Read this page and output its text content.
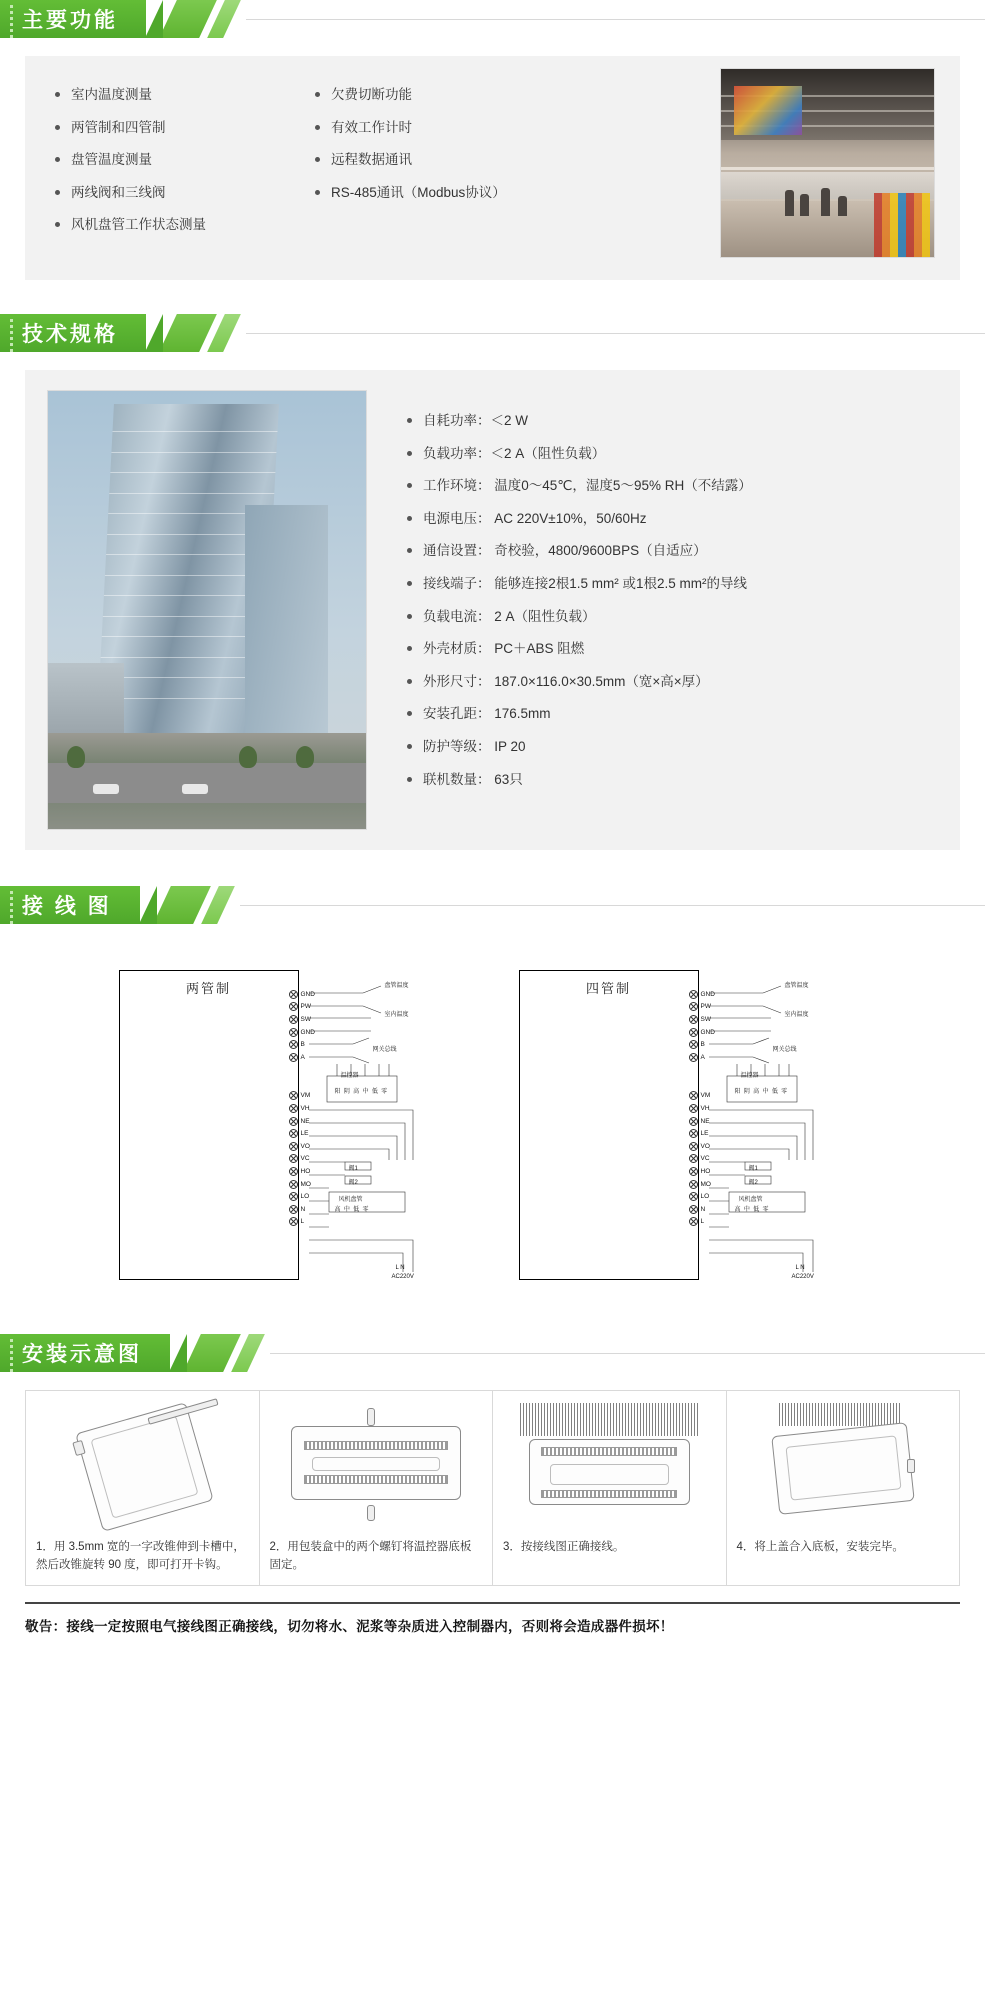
主要功能
室内温度测量
两管制和四管制
盘管温度测量
两线阀和三线阀
风机盘管工作状态测量
欠费切断功能
有效工作计时
远程数据通讯
RS-485通讯（Modbus协议）
技术规格
自耗功率：＜2 W
负载功率：＜2 A（阻性负载）
工作环境： 温度0～45℃，湿度5～95% RH（不结露）
电源电压： AC 220V±10%，50/60Hz
通信设置： 奇校验，4800/9600BPS（自适应）
接线端子： 能够连接2根1.5 mm² 或1根2.5 mm²的导线
负载电流： 2 A（阻性负载）
外壳材质： PC＋ABS 阻燃
外形尺寸： 187.0×116.0×30.5mm（宽×高×厚）
安装孔距： 176.5mm
防护等级： IP 20
联机数量： 63只
接 线 图
两管制	GND
PW
SW
GND
B
A
VM
VH
NE
LE
VO
VC
HO
MO
LO
N
L
盘管温度
室内温度
网关总线
温控器
阳  阴  高  中  低  零
阀1
阀2
风机盘管
高  中  低  零
L N
AC220V
四管制	GND
PW
SW
GND
B
A
VM
VH
NE
LE
VO
VC
HO
MO
LO
N
L
盘管温度
室内温度
网关总线
温控器
阳  阴  高  中  低  零
阀1
阀2
风机盘管
高  中  低  零
L N
AC220V
安装示意图
1．用 3.5mm 宽的一字改锥伸到卡槽中，然后改锥旋转 90 度，即可打开卡钩。
2．用包装盒中的两个螺钉将温控器底板固定。
3．按接线图正确接线。	4．将上盖合入底板，安装完毕。
敬告：接线一定按照电气接线图正确接线，切勿将水、泥浆等杂质进入控制器内，否则将会造成器件损坏！
